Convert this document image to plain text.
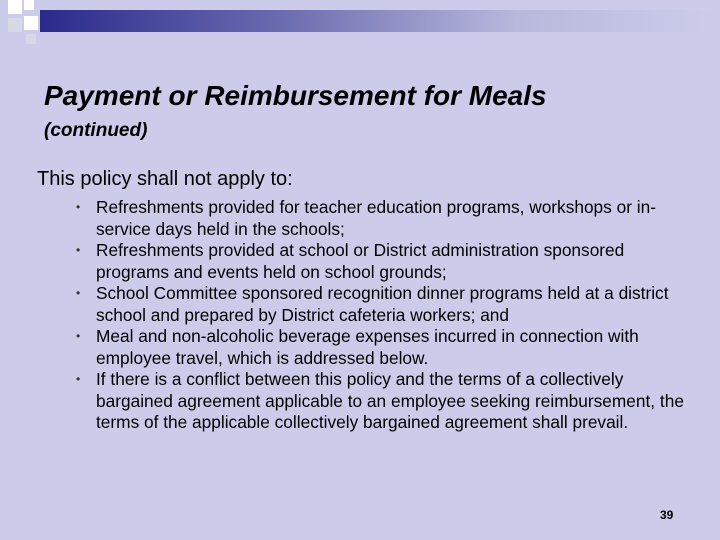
Payment or Reimbursement for Meals
(continued)
This policy shall not apply to:
• Refreshments provided for teacher education programs, workshops or in-service days held in the schools;
• Refreshments provided at school or District administration sponsored programs and events held on school grounds;
• School Committee sponsored recognition dinner programs held at a district school and prepared by District cafeteria workers; and
• Meal and non-alcoholic beverage expenses incurred in connection with employee travel, which is addressed below.
• If there is a conflict between this policy and the terms of a collectively bargained agreement applicable to an employee seeking reimbursement, the terms of the applicable collectively bargained agreement shall prevail.
39
